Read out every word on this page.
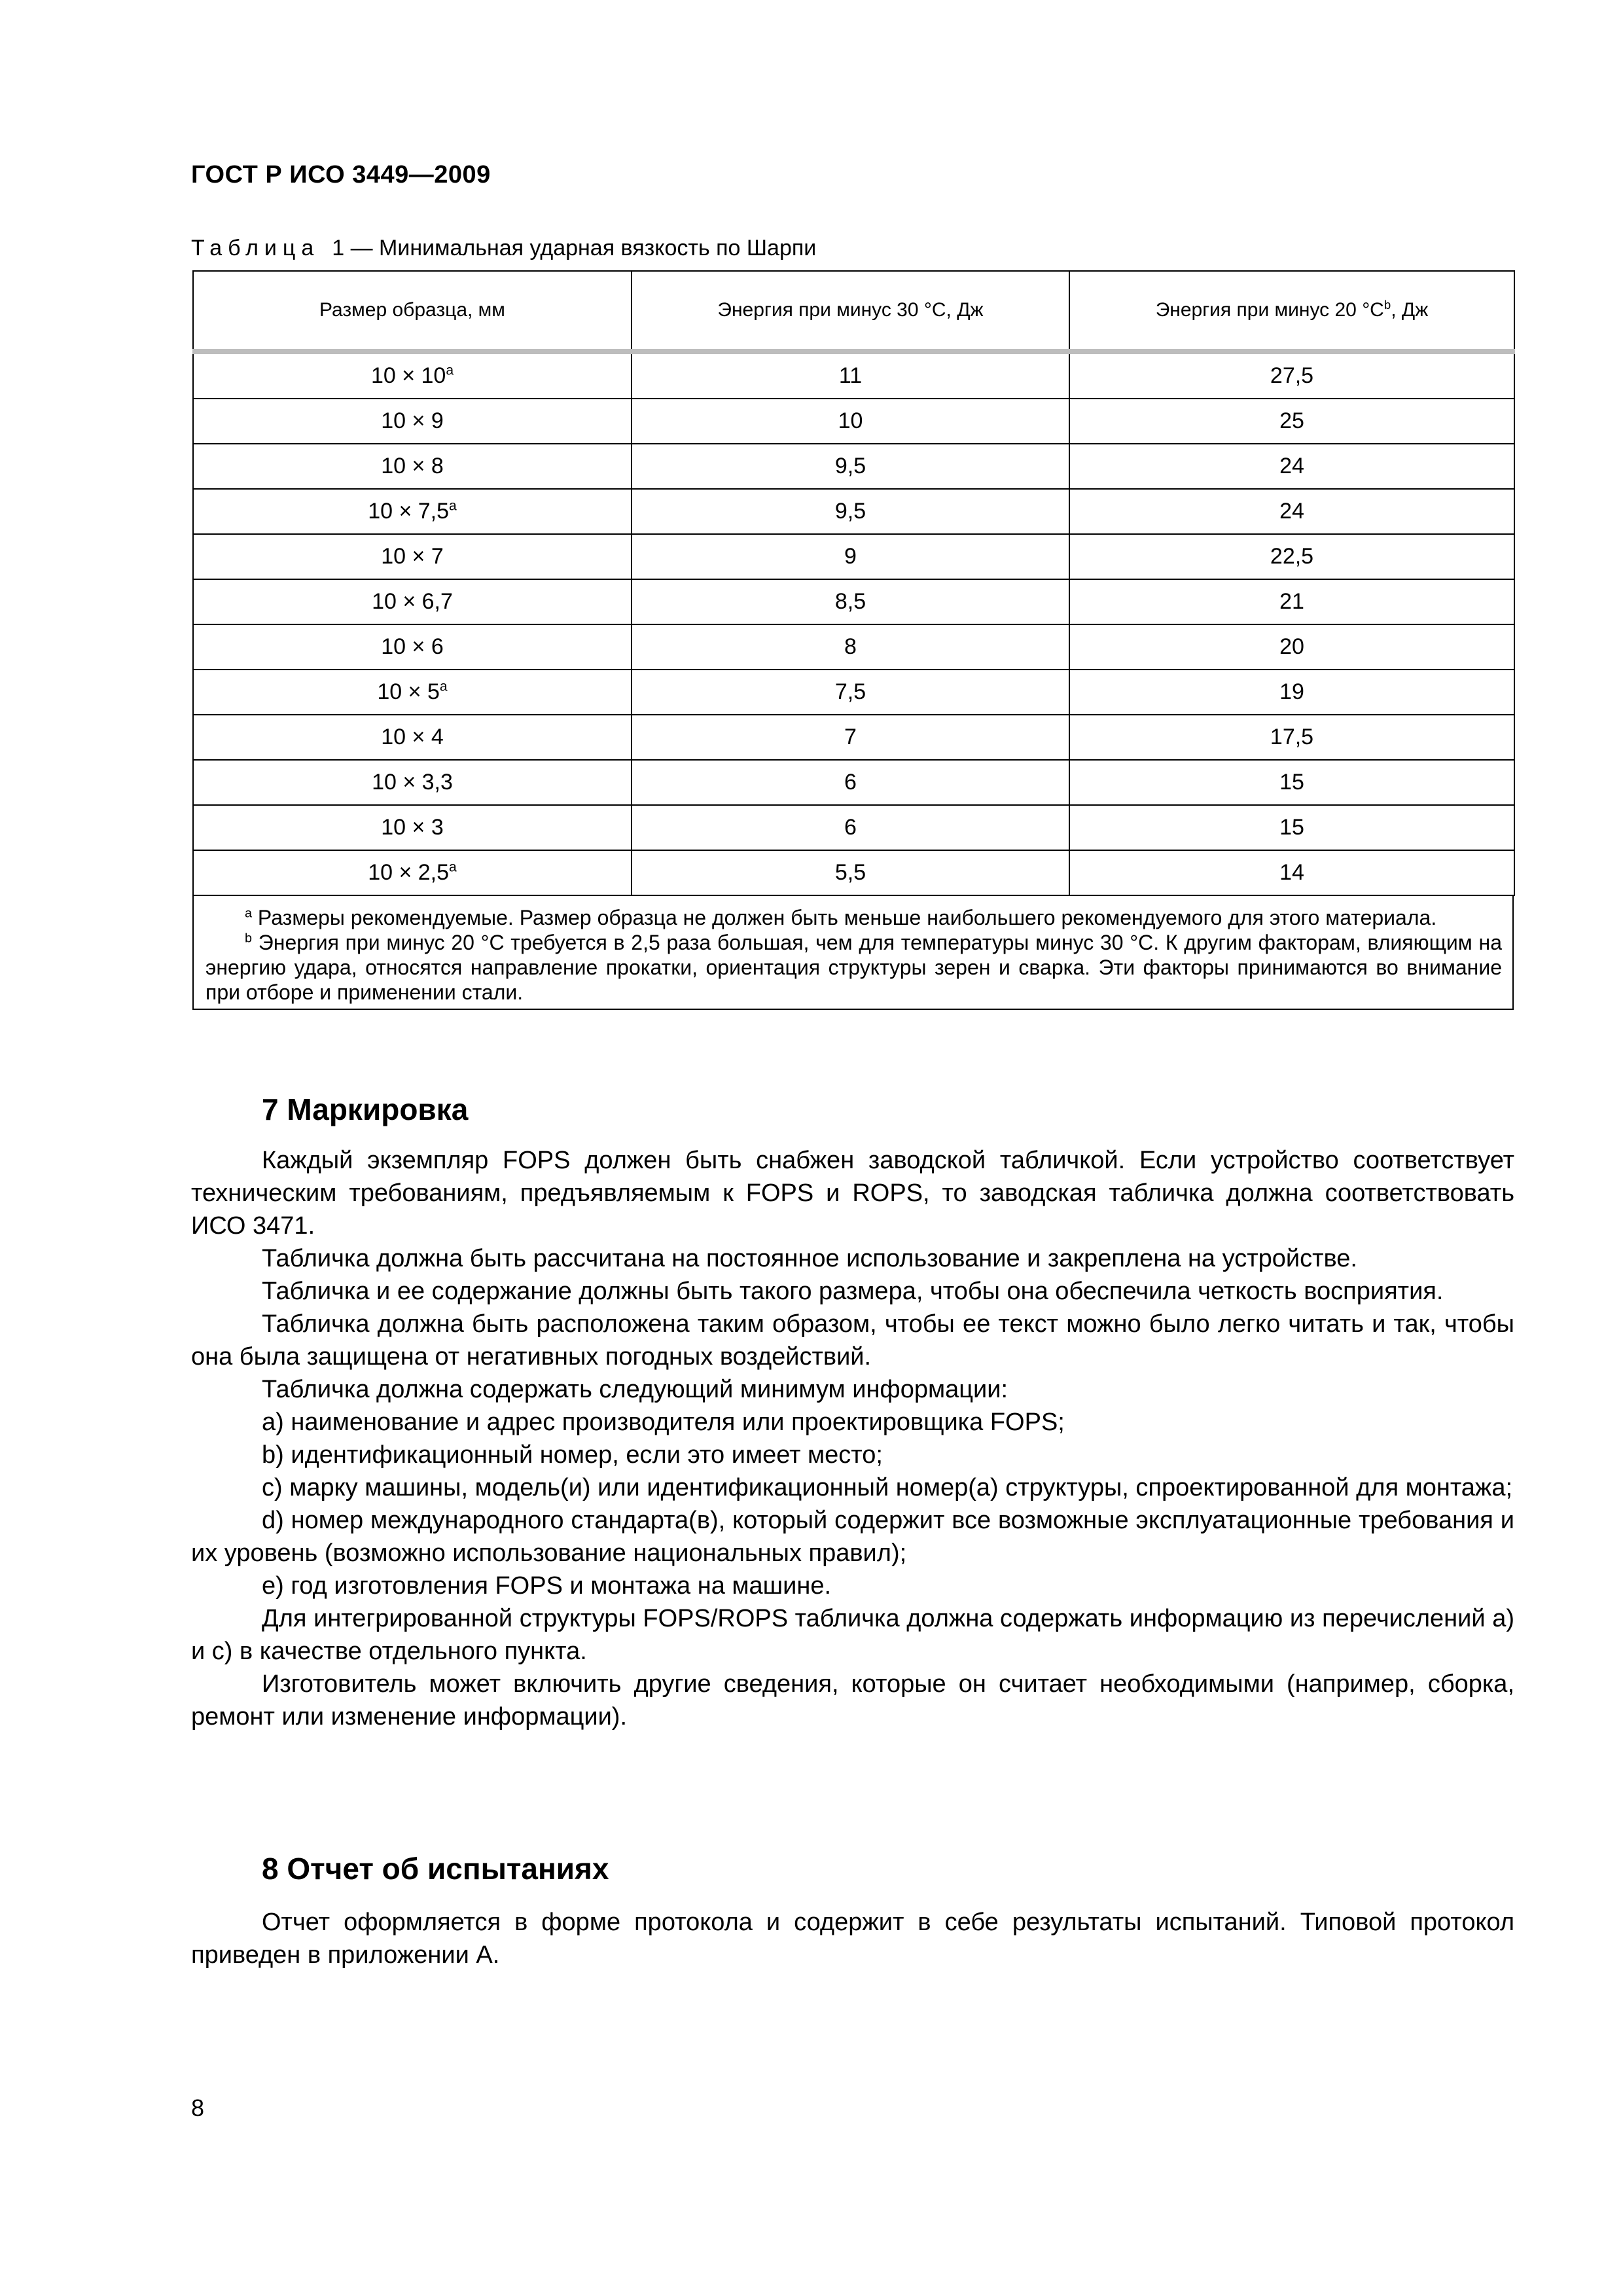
ГОСТ Р ИСО 3449—2009
Таблица 1 — Минимальная ударная вязкость по Шарпи
Размер образца, мм	Энергия при минус 30 °С, Дж	Энергия при минус 20 $^\circ С^b$, Дж
$10 \times 10^a$	11	27,5
10 × 9	10	25
10 × 8	9,5	24
10 × 7,5$^a$	9,5	24
10 × 7	9	22,5
10 × 6,7	8,5	21
10 × 6	8	20
$10 \times 5^a$	7,5	19
10 × 4	7	17,5
10 × 3,3	6	15
10 × 3	6	15
10 × 2,5$^a$	5,5	14

$^a$ Размеры рекомендуемые. Размер образца не должен быть меньше наибольшего рекомендуемого для этого материала.

$^b$ Энергия при минус 20 °С требуется в 2,5 раза большая, чем для температуры минус 30 °С. К другим факторам, влияющим на энергию удара, относятся направление прокатки, ориентация структуры зерен и сварка. Эти факторы принимаются во внимание при отборе и применении стали.

7 Маркировка

Каждый экземпляр FOPS должен быть снабжен заводской табличкой. Если устройство соответствует техническим требованиям, предъявляемым к FOPS и ROPS, то заводская табличка должна соответствовать ИСО 3471.

Табличка должна быть рассчитана на постоянное использование и закреплена на устройстве.

Табличка и ее содержание должны быть такого размера, чтобы она обеспечила четкость восприятия.

Табличка должна быть расположена таким образом, чтобы ее текст можно было легко читать и так, чтобы она была защищена от негативных погодных воздействий.

Табличка должна содержать следующий минимум информации:

а) наименование и адрес производителя или проектировщика FOPS;

b) идентификационный номер, если это имеет место;

с) марку машины, модель(и) или идентификационный номер(а) структуры, спроектированной для монтажа;

d) номер международного стандарта(в), который содержит все возможные эксплуатационные требования и их уровень (возможно использование национальных правил);

е) год изготовления FOPS и монтажа на машине.

Для интегрированной структуры FOPS/ROPS табличка должна содержать информацию из перечислений а) и с) в качестве отдельного пункта.

Изготовитель может включить другие сведения, которые он считает необходимыми (например, сборка, ремонт или изменение информации).

8 Отчет об испытаниях

Отчет оформляется в форме протокола и содержит в себе результаты испытаний. Типовой протокол приведен в приложении А.

8
